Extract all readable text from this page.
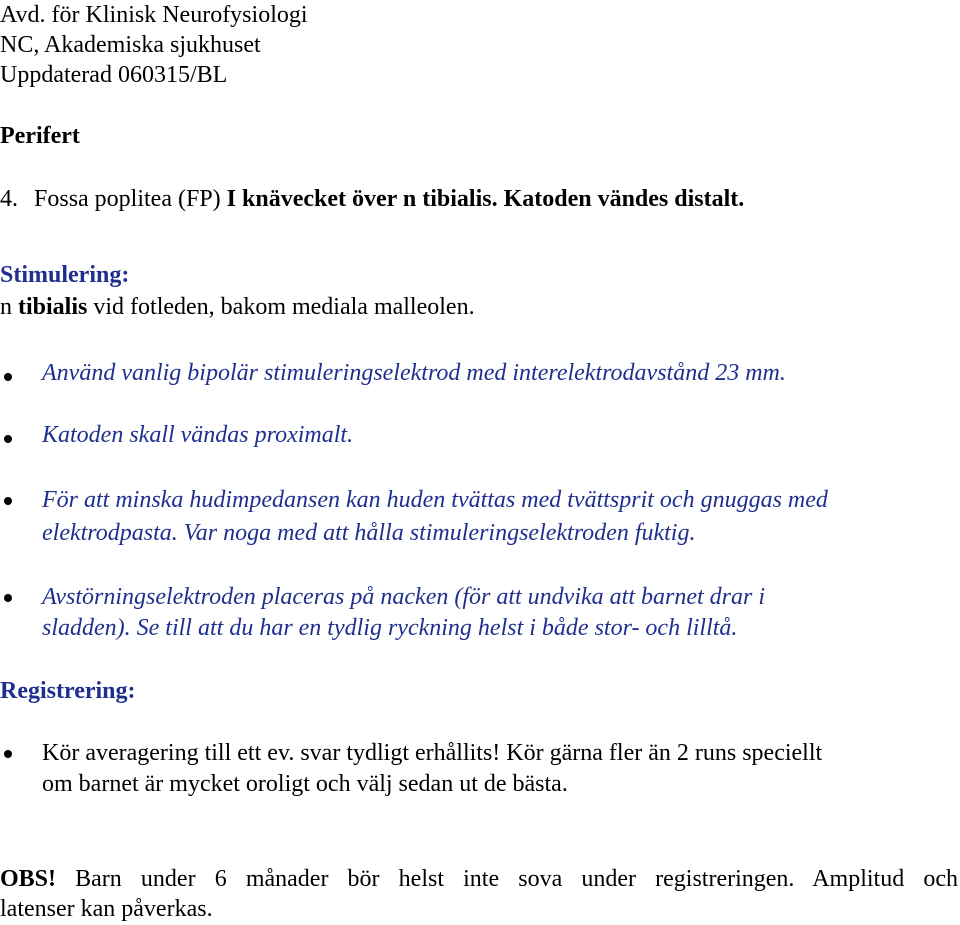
Avd. för Klinisk Neurofysiologi
NC, Akademiska sjukhuset
Uppdaterad 060315/BL
Perifert
4. Fossa poplitea (FP) I knävecket över n tibialis. Katoden vändes distalt.
Stimulering:
n tibialis vid fotleden, bakom mediala malleolen.
Använd vanlig bipolär stimuleringselektrod med interelektrodavstånd 23 mm.
Katoden skall vändas proximalt.
För att minska hudimpedansen kan huden tvättas med tvättsprit och gnuggas med
elektrodpasta. Var noga med att hålla stimuleringselektroden fuktig.
Avstörningselektroden placeras på nacken (för att undvika att barnet drar i
sladden). Se till att du har en tydlig ryckning helst i både stor- och lilltå.
Registrering:
Kör averagering till ett ev. svar tydligt erhållits! Kör gärna fler än 2 runs speciellt
om barnet är mycket oroligt och välj sedan ut de bästa.
OBS! Barn under 6 månader bör helst inte sova under registreringen. Amplitud och
latenser kan påverkas.
